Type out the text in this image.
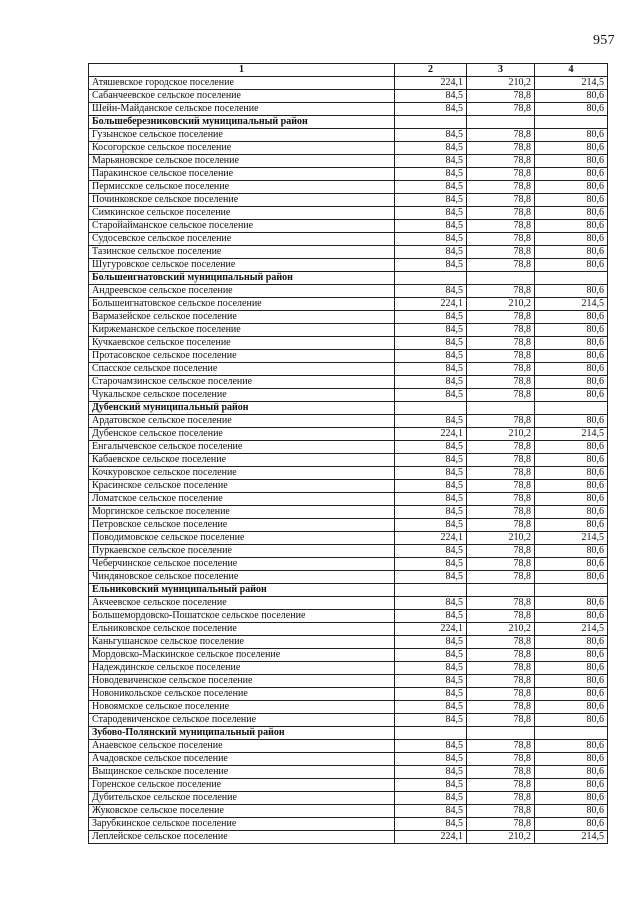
957
1	2	3	4
Атяшевское городское поселение	224,1	210,2	214,5
Сабанчеевское сельское поселение	84,5	78,8	80,6
Шейн-Майданское сельское поселение	84,5	78,8	80,6
Большеберезниковский муниципальный район			
Гузынское сельское поселение	84,5	78,8	80,6
Косогорское сельское поселение	84,5	78,8	80,6
Марьяновское сельское поселение	84,5	78,8	80,6
Паракинское сельское поселение	84,5	78,8	80,6
Пермисское сельское поселение	84,5	78,8	80,6
Починковское сельское поселение	84,5	78,8	80,6
Симкинское сельское поселение	84,5	78,8	80,6
Старойайманское сельское поселение	84,5	78,8	80,6
Судосевское сельское поселение	84,5	78,8	80,6
Тазинское сельское поселение	84,5	78,8	80,6
Шугуровское сельское поселение	84,5	78,8	80,6
Большеигнатовский муниципальный район			
Андреевское сельское поселение	84,5	78,8	80,6
Большеигнатовское сельское поселение	224,1	210,2	214,5
Вармазейское сельское поселение	84,5	78,8	80,6
Киржеманское сельское поселение	84,5	78,8	80,6
Кучкаевское сельское поселение	84,5	78,8	80,6
Протасовское сельское поселение	84,5	78,8	80,6
Спасское сельское поселение	84,5	78,8	80,6
Старочамзинское сельское поселение	84,5	78,8	80,6
Чукальское сельское поселение	84,5	78,8	80,6
Дубенский муниципальный район			
Ардатовское сельское поселение	84,5	78,8	80,6
Дубенское сельское поселение	224,1	210,2	214,5
Енгалычевское сельское поселение	84,5	78,8	80,6
Кабаевское сельское поселение	84,5	78,8	80,6
Кочкуровское сельское поселение	84,5	78,8	80,6
Красинское сельское поселение	84,5	78,8	80,6
Ломатское сельское поселение	84,5	78,8	80,6
Моргинское сельское поселение	84,5	78,8	80,6
Петровское сельское поселение	84,5	78,8	80,6
Поводимовское сельское поселение	224,1	210,2	214,5
Пуркаевское сельское поселение	84,5	78,8	80,6
Чеберчинское сельское поселение	84,5	78,8	80,6
Чиндяновское сельское поселение	84,5	78,8	80,6
Ельниковский муниципальный район			
Акчеевское сельское поселение	84,5	78,8	80,6
Большемордовско-Пошатское сельское поселение	84,5	78,8	80,6
Ельниковское сельское поселение	224,1	210,2	214,5
Каньгушанское сельское поселение	84,5	78,8	80,6
Мордовско-Маскинское сельское поселение	84,5	78,8	80,6
Надеждинское сельское поселение	84,5	78,8	80,6
Новодевиченское сельское поселение	84,5	78,8	80,6
Новоникольское сельское поселение	84,5	78,8	80,6
Новоямское сельское поселение	84,5	78,8	80,6
Стародевиченское сельское поселение	84,5	78,8	80,6
Зубово-Полянский муниципальный район			
Анаевское сельское поселение	84,5	78,8	80,6
Ачадовское сельское поселение	84,5	78,8	80,6
Выщинское сельское поселение	84,5	78,8	80,6
Горенское сельское поселение	84,5	78,8	80,6
Дубительское сельское поселение	84,5	78,8	80,6
Жуковское сельское поселение	84,5	78,8	80,6
Зарубкинское сельское поселение	84,5	78,8	80,6
Леплейское сельское поселение	224,1	210,2	214,5
